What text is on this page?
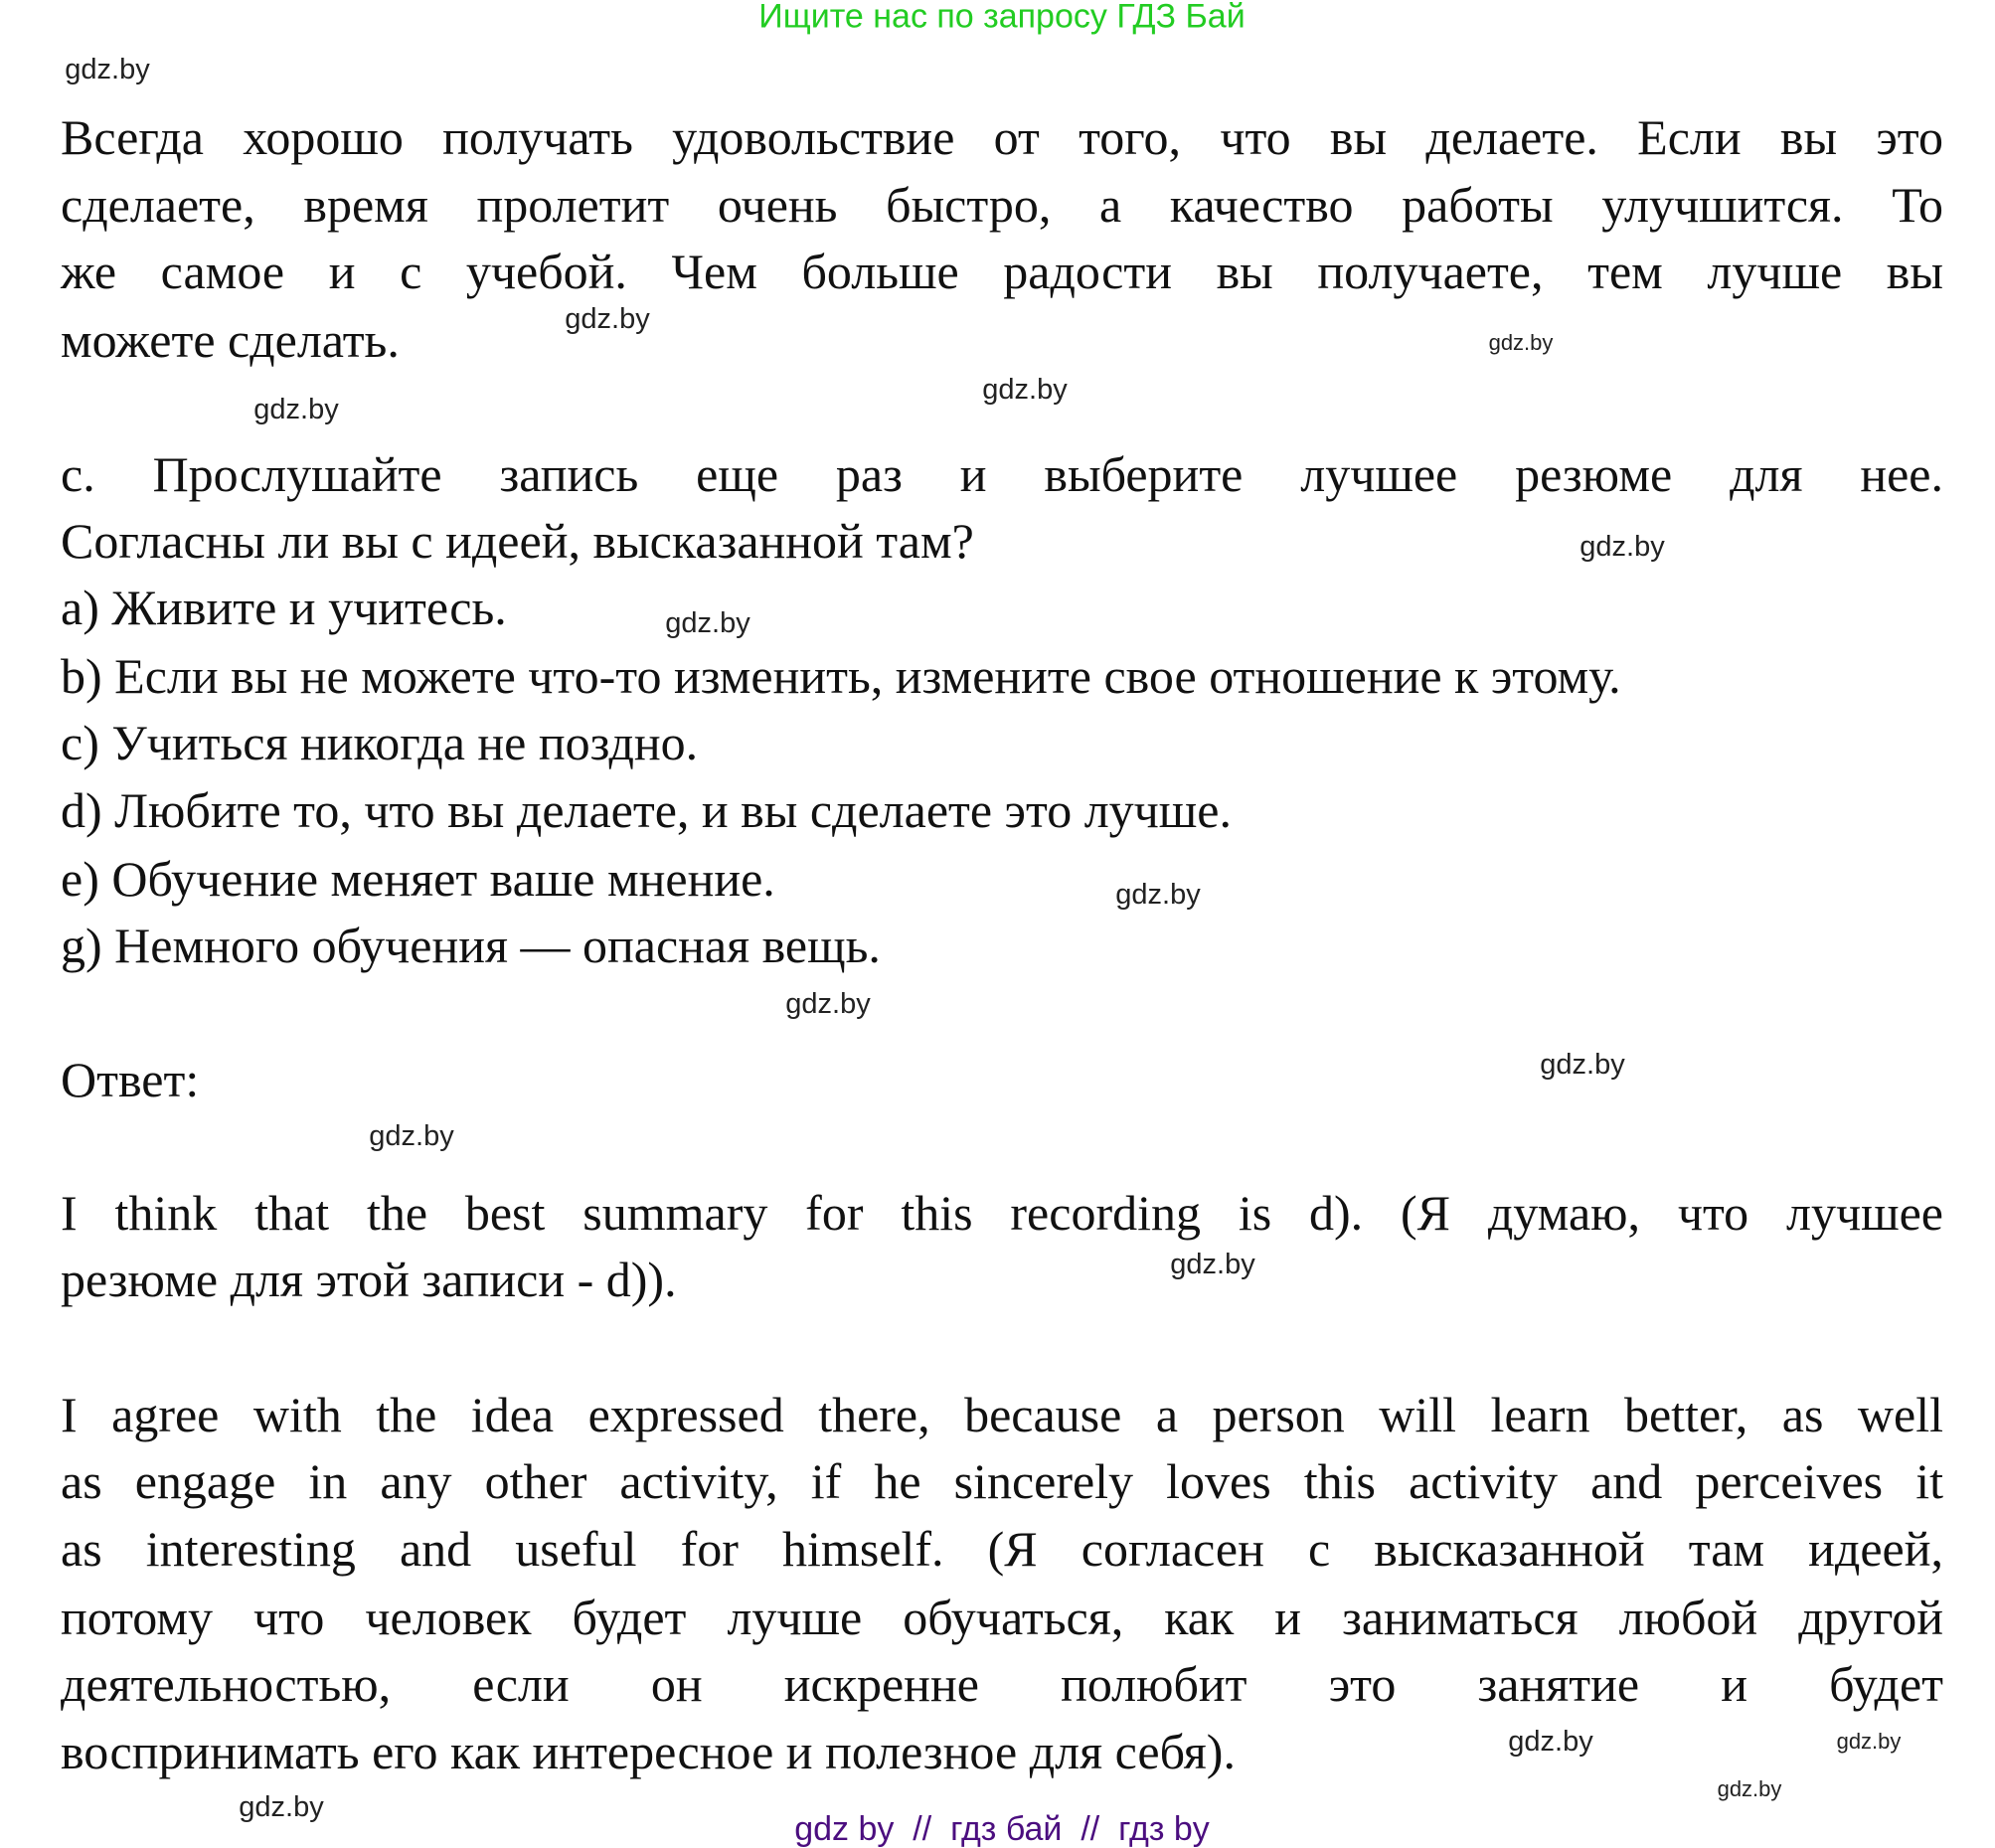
Ищите нас по запросу ГДЗ Бай
Всегда хорошо получать удовольствие от того, что вы делаете. Если вы это
сделаете, время пролетит очень быстро, а качество работы улучшится. То
же самое и с учебой. Чем больше радости вы получаете, тем лучше вы
можете сделать.
c. Прослушайте запись еще раз и выберите лучшее резюме для нее.
Согласны ли вы с идеей, высказанной там?
a) Живите и учитесь.
b) Если вы не можете что-то изменить, измените свое отношение к этому.
c) Учиться никогда не поздно.
d) Любите то, что вы делаете, и вы сделаете это лучше.
e) Обучение меняет ваше мнение.
g) Немного обучения — опасная вещь.
Ответ:
I think that the best summary for this recording is d). (Я думаю, что лучшее
резюме для этой записи - d)).
I agree with the idea expressed there, because a person will learn better, as well
as engage in any other activity, if he sincerely loves this activity and perceives it
as interesting and useful for himself. (Я согласен с высказанной там идеей,
потому что человек будет лучше обучаться, как и заниматься любой другой
деятельностью, если он искренне полюбит это занятие и будет
воспринимать его как интересное и полезное для себя).
gdz.by
gdz.by
gdz.by
gdz.by
gdz.by
gdz.by
gdz.by
gdz.by
gdz.by
gdz.by
gdz.by
gdz.by
gdz.by
gdz.by
gdz.by
gdz.by
gdz by  //  гдз бай  //  гдз by
